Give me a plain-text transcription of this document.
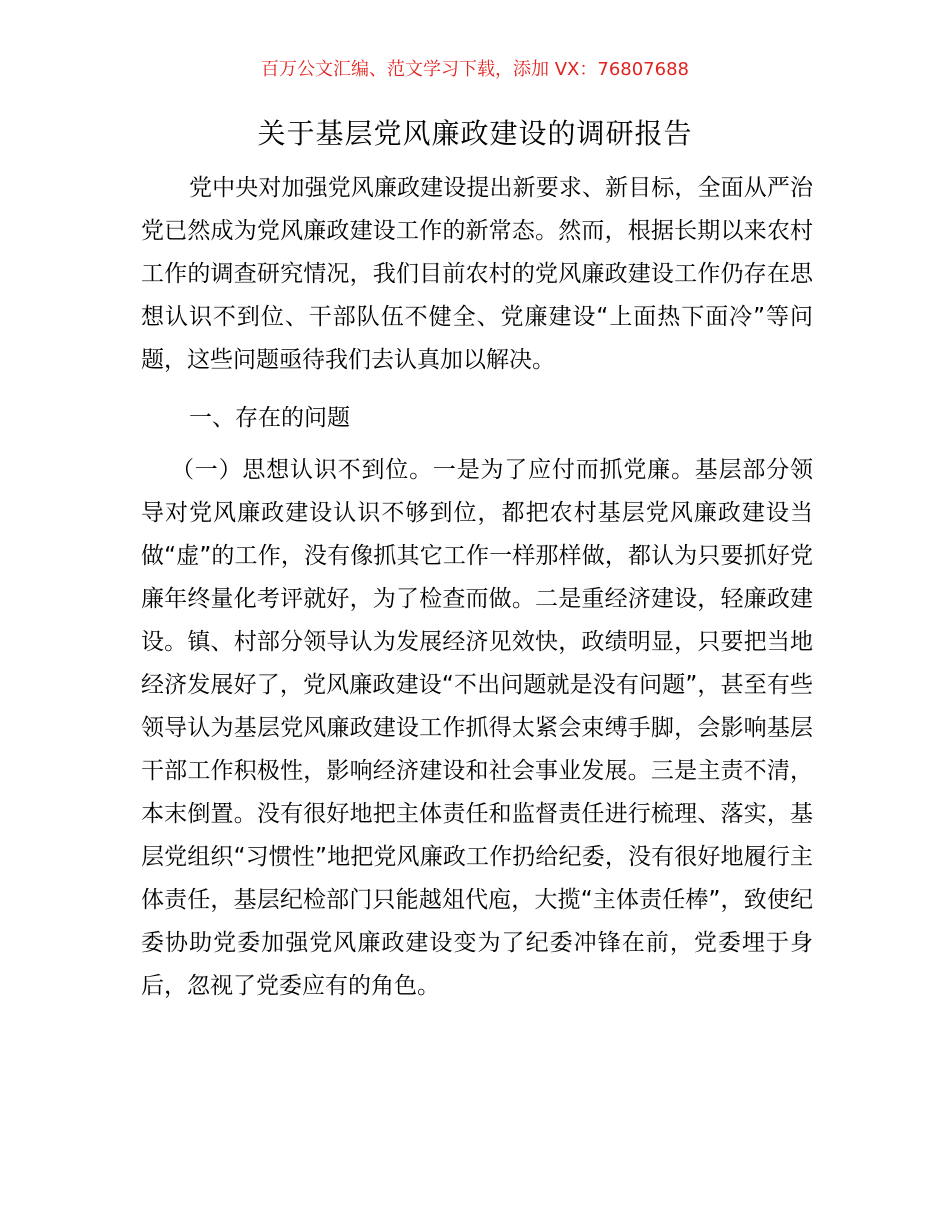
百万公文汇编、范文学习下载，添加 VX：76807688
关于基层党风廉政建设的调研报告

党中央对加强党风廉政建设提出新要求、新目标，全面从严治党已然成为党风廉政建设工作的新常态。然而，根据长期以来农村工作的调查研究情况，我们目前农村的党风廉政建设工作仍存在思想认识不到位、干部队伍不健全、党廉建设“上面热下面冷”等问题，这些问题亟待我们去认真加以解决。

一、存在的问题

（一）思想认识不到位。一是为了应付而抓党廉。基层部分领导对党风廉政建设认识不够到位，都把农村基层党风廉政建设当做“虚”的工作，没有像抓其它工作一样那样做，都认为只要抓好党廉年终量化考评就好，为了检查而做。二是重经济建设，轻廉政建设。镇、村部分领导认为发展经济见效快，政绩明显，只要把当地经济发展好了，党风廉政建设“不出问题就是没有问题”，甚至有些领导认为基层党风廉政建设工作抓得太紧会束缚手脚，会影响基层干部工作积极性，影响经济建设和社会事业发展。三是主责不清，本末倒置。没有很好地把主体责任和监督责任进行梳理、落实，基层党组织“习惯性”地把党风廉政工作扔给纪委，没有很好地履行主体责任，基层纪检部门只能越俎代庖，大揽“主体责任棒”，致使纪委协助党委加强党风廉政建设变为了纪委冲锋在前，党委埋于身后，忽视了党委应有的角色。
